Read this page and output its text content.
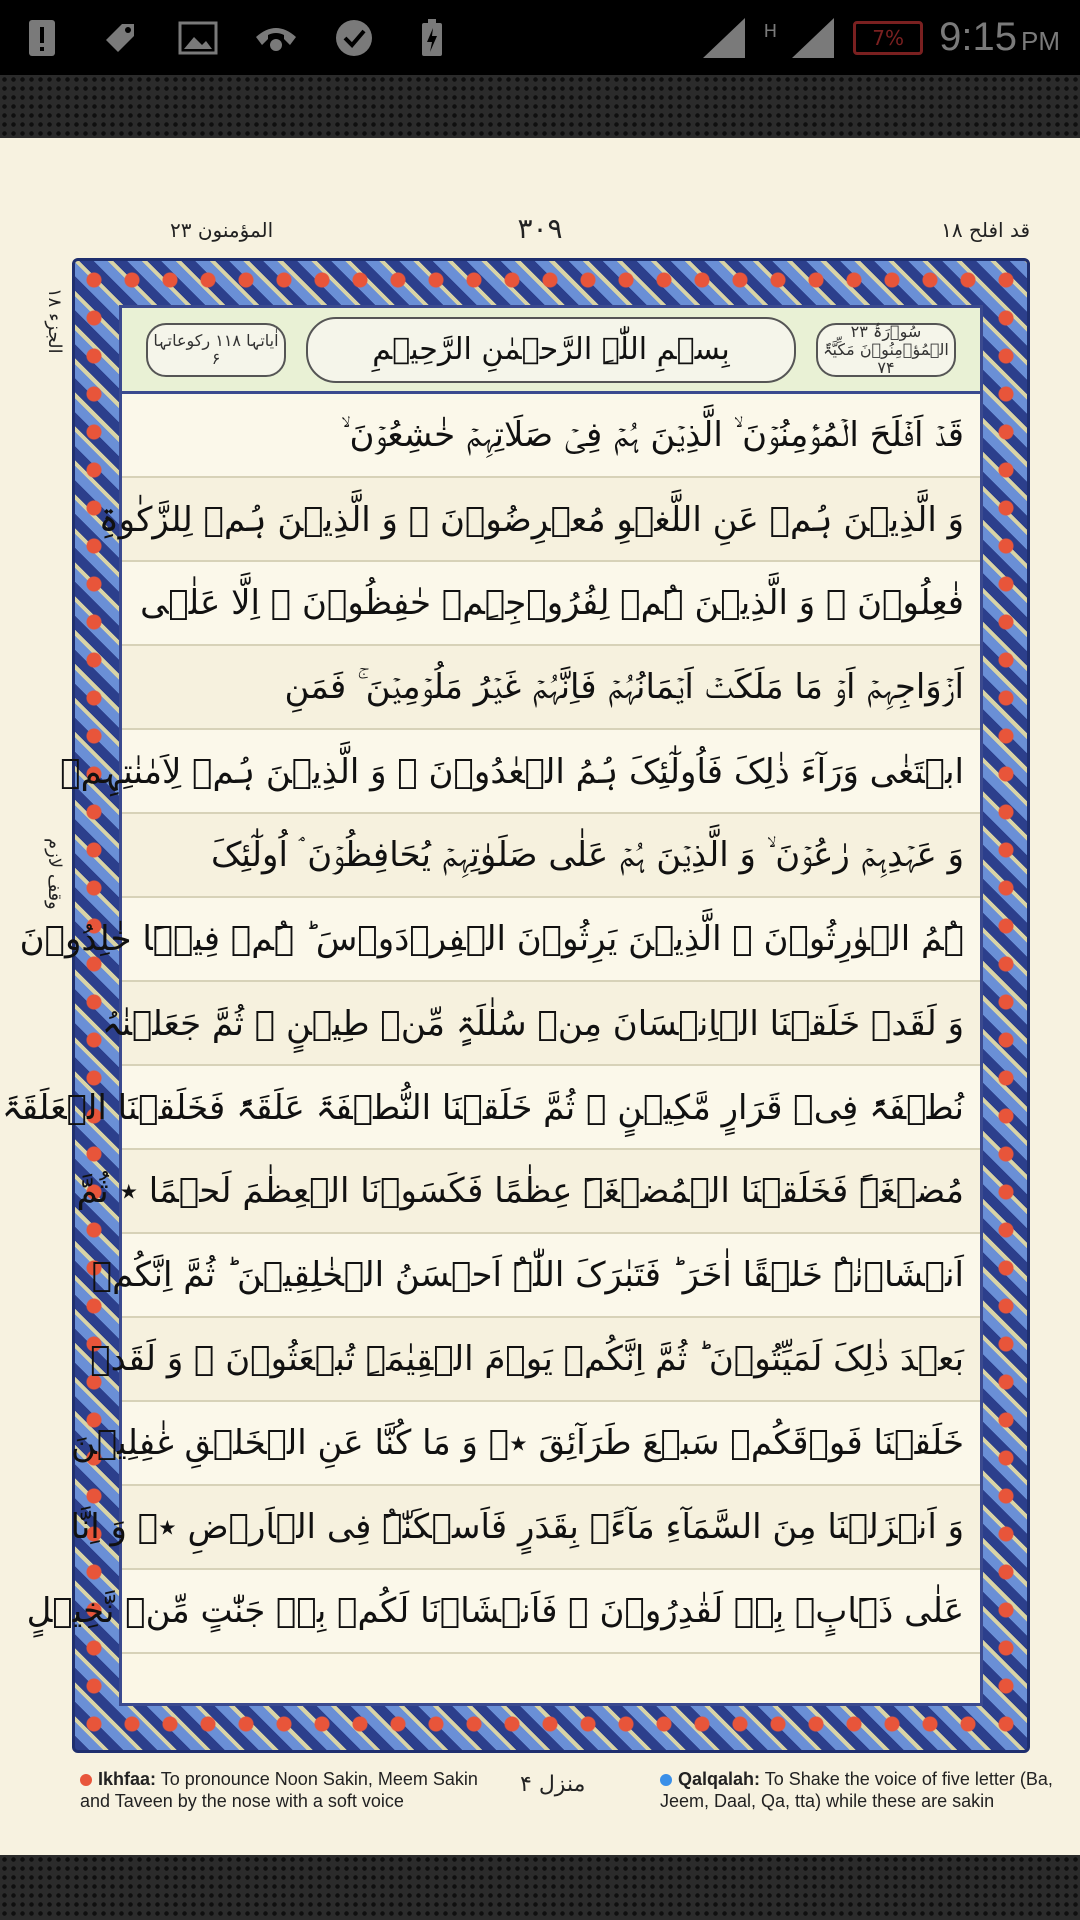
H	7% 9:15 PM
المؤمنون ۲۳	۳۰۹	قد افلح ۱۸
الجزء ۱۸
وقف لازم
اٰیاتہا ۱۱۸ رکوعاتہا ۶	بِسۡمِ اللّٰہِ الرَّحۡمٰنِ الرَّحِیۡمِ
۲۳ سُوۡرَۃُ الۡمُؤۡمِنُوۡنَ مَکِّیَّۃٌ ۷۴
قَدۡ اَفۡلَحَ الۡمُؤۡمِنُوۡنَ ۙ الَّذِیۡنَ ہُمۡ فِیۡ صَلَاتِہِمۡ خٰشِعُوۡنَ ۙ
وَ الَّذِیۡنَ ہُمۡ عَنِ اللَّغۡوِ مُعۡرِضُوۡنَ ۙ وَ الَّذِیۡنَ ہُمۡ لِلزَّکٰوۃِ
فٰعِلُوۡنَ ۙ وَ الَّذِیۡنَ ہُمۡ لِفُرُوۡجِہِمۡ حٰفِظُوۡنَ ۙ اِلَّا عَلٰۤی
اَزۡوَاجِہِمۡ اَوۡ مَا مَلَکَتۡ اَیۡمَانُہُمۡ فَاِنَّہُمۡ غَیۡرُ مَلُوۡمِیۡنَ ۚ فَمَنِ
ابۡتَغٰی وَرَآءَ ذٰلِکَ فَاُولٰٓئِکَ ہُمُ الۡعٰدُوۡنَ ۚ وَ الَّذِیۡنَ ہُمۡ لِاَمٰنٰتِہِمۡ
وَ عَہۡدِہِمۡ رٰعُوۡنَ ۙ وَ الَّذِیۡنَ ہُمۡ عَلٰی صَلَوٰتِہِمۡ یُحَافِظُوۡنَ ۘ اُولٰٓئِکَ
ہُمُ الۡوٰرِثُوۡنَ ۙ الَّذِیۡنَ یَرِثُوۡنَ الۡفِرۡدَوۡسَ ؕ ہُمۡ فِیۡہَا خٰلِدُوۡنَ
وَ لَقَدۡ خَلَقۡنَا الۡاِنۡسَانَ مِنۡ سُلٰلَۃٍ مِّنۡ طِیۡنٍ ۚ ثُمَّ جَعَلۡنٰہُ
نُطۡفَۃً فِیۡ قَرَارٍ مَّکِیۡنٍ ۪ ثُمَّ خَلَقۡنَا النُّطۡفَۃَ عَلَقَۃً فَخَلَقۡنَا الۡعَلَقَۃَ
مُضۡغَۃً فَخَلَقۡنَا الۡمُضۡغَۃَ عِظٰمًا فَکَسَوۡنَا الۡعِظٰمَ لَحۡمًا ٭ ثُمَّ
اَنۡشَاۡنٰہُ خَلۡقًا اٰخَرَ ؕ فَتَبٰرَکَ اللّٰہُ اَحۡسَنُ الۡخٰلِقِیۡنَ ؕ ثُمَّ اِنَّکُمۡ
بَعۡدَ ذٰلِکَ لَمَیِّتُوۡنَ ؕ ثُمَّ اِنَّکُمۡ یَوۡمَ الۡقِیٰمَۃِ تُبۡعَثُوۡنَ ۚ وَ لَقَدۡ
خَلَقۡنَا فَوۡقَکُمۡ سَبۡعَ طَرَآئِقَ ٭ۖ وَ مَا کُنَّا عَنِ الۡخَلۡقِ غٰفِلِیۡنَ
وَ اَنۡزَلۡنَا مِنَ السَّمَآءِ مَآءًۢ بِقَدَرٍ فَاَسۡکَنّٰہُ فِی الۡاَرۡضِ ٭ۖ وَ اِنَّا
عَلٰی ذَہَابٍۭ بِہٖ لَقٰدِرُوۡنَ ۚ فَاَنۡشَاۡنَا لَکُمۡ بِہٖ جَنّٰتٍ مِّنۡ نَّخِیۡلٍ
Ikhfaa: To pronounce Noon Sakin, Meem Sakin and Taveen by the nose with a soft voice
منزل ۴	Qalqalah: To Shake the voice of five letter (Ba, Jeem, Daal, Qa, tta) while these are sakin
